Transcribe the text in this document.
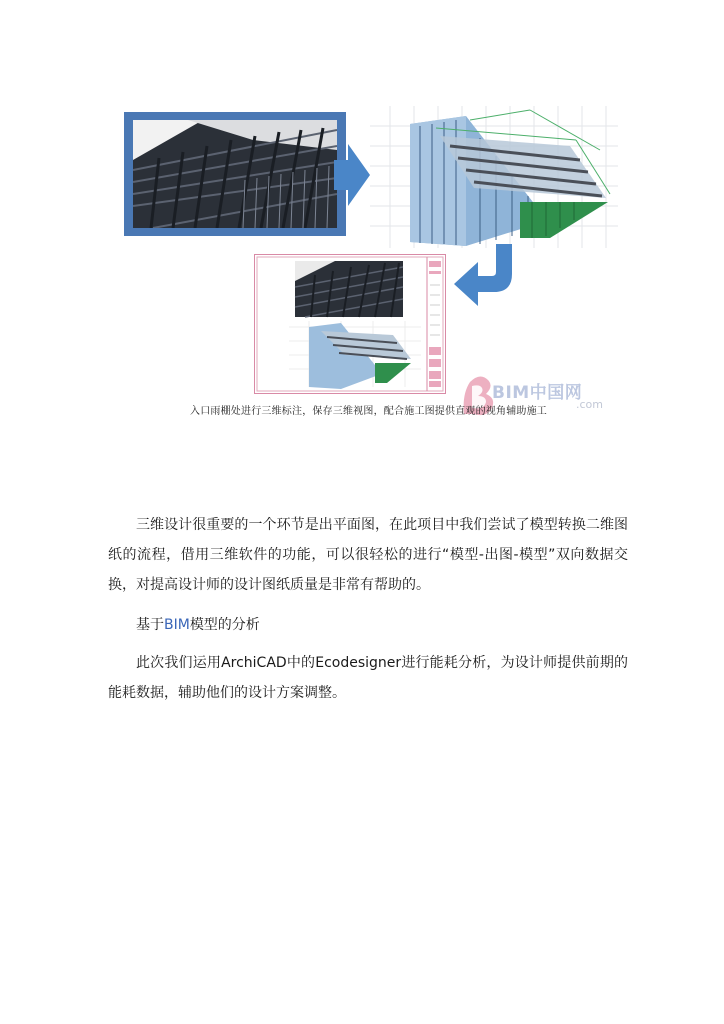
BIM中国网
.com
入口雨棚处进行三维标注，保存三维视图，配合施工图提供直观的视角辅助施工

三维设计很重要的一个环节是出平面图，在此项目中我们尝试了模型转换二维图纸的流程，借用三维软件的功能，可以很轻松的进行“模型-出图-模型”双向数据交换，对提高设计师的设计图纸质量是非常有帮助的。

基于BIM模型的分析

此次我们运用ArchiCAD中的Ecodesigner进行能耗分析，为设计师提供前期的能耗数据，辅助他们的设计方案调整。
